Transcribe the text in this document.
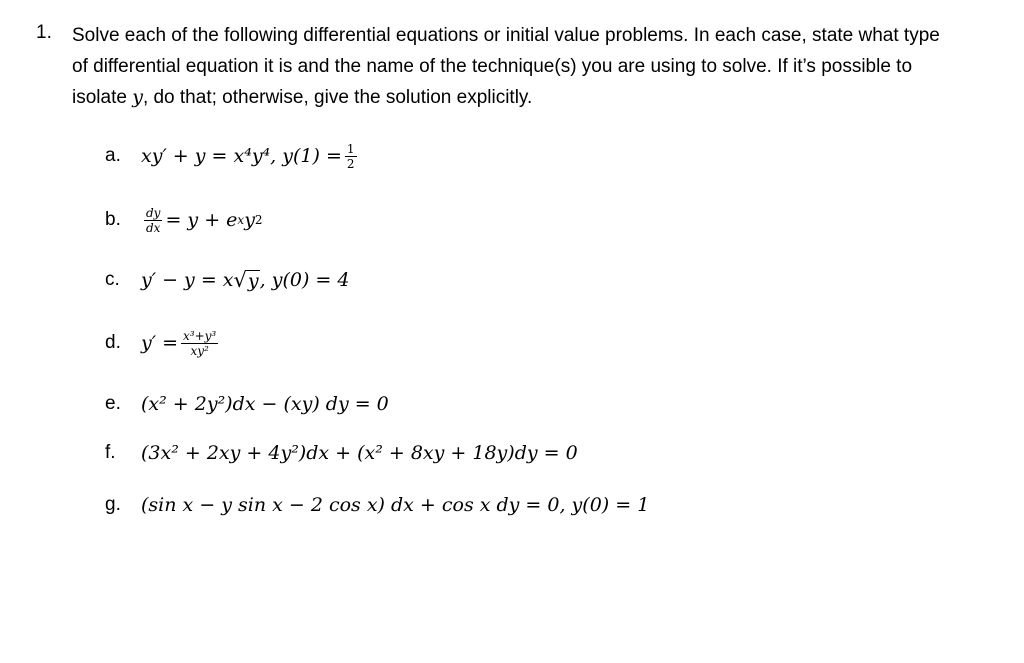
1. Solve each of the following differential equations or initial value problems. In each case, state what type
of differential equation it is and the name of the technique(s) you are using to solve. If it’s possible to
isolate y, do that; otherwise, give the solution explicitly.
a.	xy′ + y = x⁴y⁴, $y(1) = \frac{1}{2}$
b.	$\frac{dy}{dx} = y + e$ x y 2
c.	y′ − y = x √ y , y(0) = 4
d.	$y' = \frac{\text{x³+y³}}{\text{xy²}}$
e.	(x² + 2y²)dx − (xy) dy = 0
f.	(3x² + 2xy + 4y²)dx + (x² + 8xy + 18y)dy = 0
g.	(sin x − y sin x − 2 cos x) dx + cos x dy = 0, y(0) = 1
